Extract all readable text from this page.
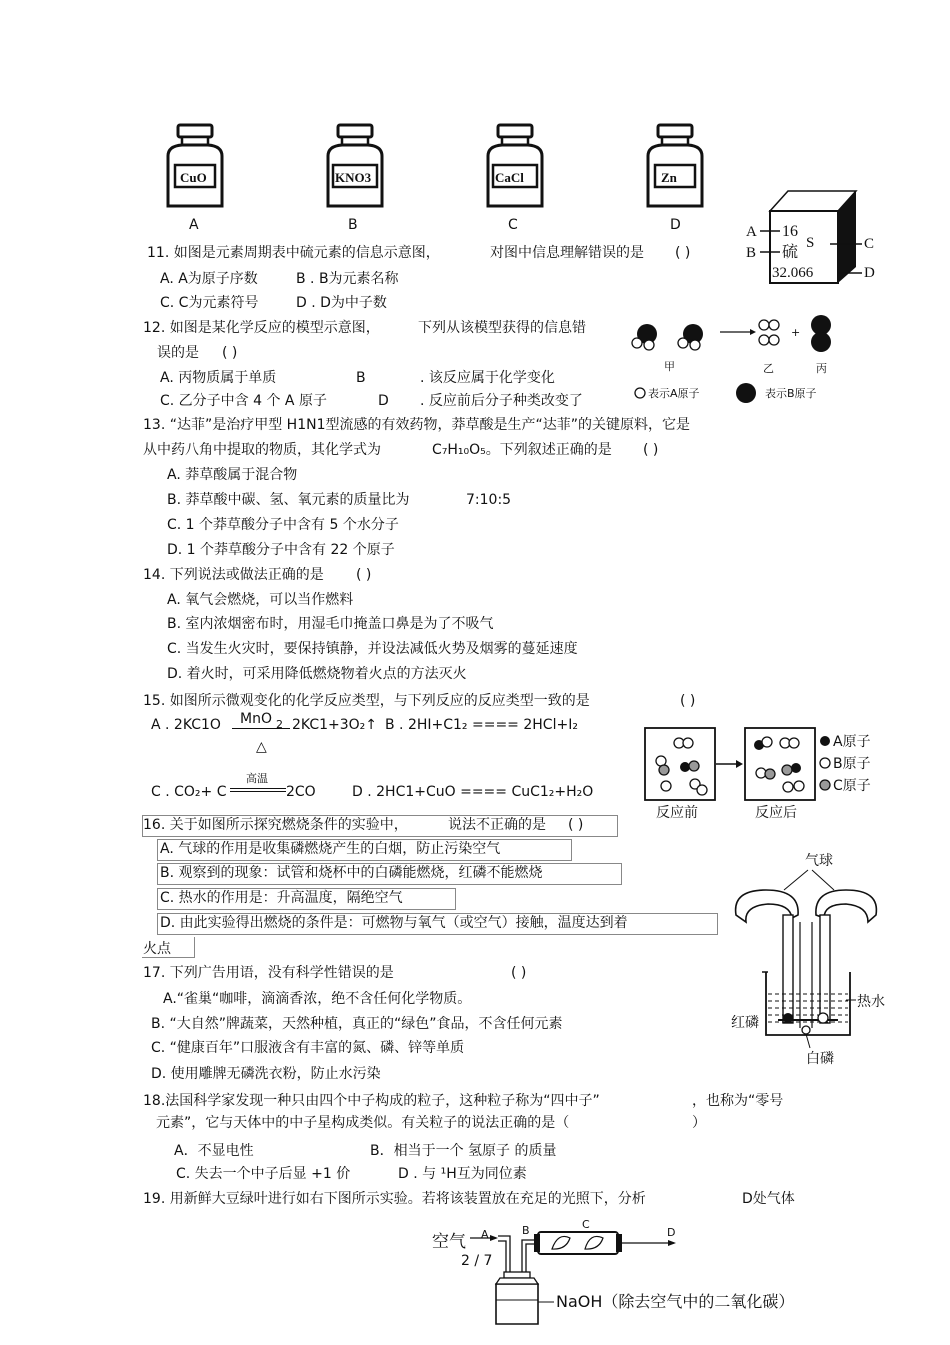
CuO
A
KNO3
B
CaCl
C
Zn
D	A
B
C
D
16
硫 S
32.066
11. 如图是元素周期表中硫元素的信息示意图，	对图中信息理解错误的是 ( )
A. A为原子序数	B . B为元素名称
C. C为元素符号	D . D为中子数
12. 如图是某化学反应的模型示意图，	下列从该模型获得的信息错
误的是 ( )
A. 丙物质属于单质	B	. 该反应属于化学变化
C. 乙分子中含 4 个 A 原子	D . 反应前后分子种类改变了
甲	乙
+
丙
表示A原子	表示B原子
13. “达菲”是治疗甲型 H1N1型流感的有效药物，莽草酸是生产“达菲”的关键原料，它是
从中药八角中提取的物质，其化学式为	C₇H₁₀O₅。下列叙述正确的是 ( )
A. 莽草酸属于混合物
B. 莽草酸中碳、氢、氧元素的质量比为	7:10:5
C. 1 个莽草酸分子中含有 5 个水分子
D. 1 个莽草酸分子中含有 22 个原子
14. 下列说法或做法正确的是 ( )
A. 氧气会燃烧，可以当作燃料
B. 室内浓烟密布时，用湿毛巾掩盖口鼻是为了不吸气
C. 当发生火灾时，要保持镇静，并设法减低火势及烟雾的蔓延速度
D. 着火时，可采用降低燃烧物着火点的方法灭火
15. 如图所示微观变化的化学反应类型，与下列反应的反应类型一致的是	( )
A . 2KC1O MnO 2 2KC1+3O₂↑
△
B . 2HI+C1₂ ==== 2HCl+I₂
C . CO₂+ C
高温
2CO	D . 2HC1+CuO ==== CuC1₂+H₂O
A原子
B原子
C原子
反应前	反应后
16. 关于如图所示探究燃烧条件的实验中，	说法不正确的是 ( )
A. 气球的作用是收集磷燃烧产生的白烟，防止污染空气
B. 观察到的现象：试管和烧杯中的白磷能燃烧，红磷不能燃烧
C. 热水的作用是：升高温度，隔绝空气
D. 由此实验得出燃烧的条件是：可燃物与氧气（或空气）接触，温度达到着
火点
气球
热水
红磷
白磷
17. 下列广告用语，没有科学性错误的是	( )
A.“雀巢“咖啡，滴滴香浓，绝不含任何化学物质。
B. “大自然”牌蔬菜，天然种植，真正的“绿色”食品，不含任何元素
C. “健康百年”口服液含有丰富的氮、磷、锌等单质
D. 使用雕牌无磷洗衣粉，防止水污染
18.法国科学家发现一种只由四个中子构成的粒子，这种粒子称为“四中子”	，也称为“零号
元素”，它与天体中的中子星构成类似。有关粒子的说法正确的是（	）
A．不显电性	B．相当于一个 氢原子 的质量
C. 失去一个中子后显 +1 价	D . 与 ¹H互为同位素
19. 用新鲜大豆绿叶进行如右下图所示实验。若将该装置放在充足的光照下，分析	D处气体
空气 A	B	C
D
NaOH（除去空气中的二氧化碳）
2 / 7
